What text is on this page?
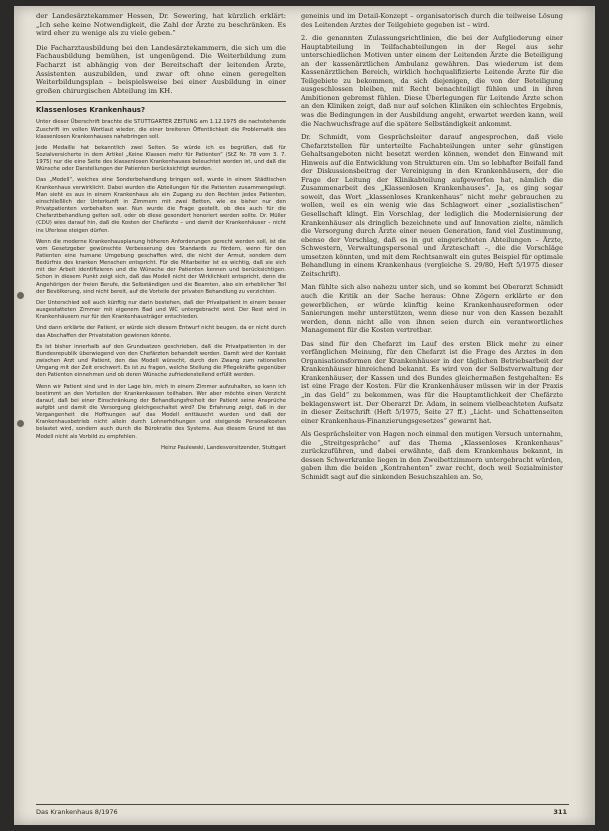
der Landesärztekammer Hessen, Dr. Sewering, hat kürzlich erklärt: „Ich sehe keine Notwendigkeit, die Zahl der Ärzte zu beschränken. Es wird eher zu wenige als zu viele geben.“

Die Facharztausbildung bei den Landesärztekammern, die sich um die Fachausbildung bemühen, ist ungenügend. Die Weiterbildung zum Facharzt ist abhängig von der Bereitschaft der leitenden Ärzte, Assistenten auszubilden, und zwar oft ohne einen geregelten Weiterbildungsplan – beispielsweise bei einer Ausbildung in einer großen chirurgischen Abteilung im KH.

Klassenloses Krankenhaus?

Unter dieser Überschrift brachte die STUTTGARTER ZEITUNG am 1.12.1975 die nachstehende Zuschrift im vollen Wortlaut wieder, die einer breiteren Öffentlichkeit die Problematik des klassenlosen Krankenhauses nahebringen soll.

Jede Medaille hat bekanntlich zwei Seiten. So würde ich es begrüßen, daß für Sozialversicherte in dem Artikel „Keine Klassen mehr für Patienten“ (StZ Nr. 78 vom 3. 7. 1975) nur die eine Seite des klassenlosen Krankenhauses beleuchtet worden ist, und daß die Wünsche oder Darstellungen der Patienten berücksichtigt wurden.

Das „Modell“, welches eine Sonderbehandlung bringen soll, wurde in einem Städtischen Krankenhaus verwirklicht. Dabei wurden die Abteilungen für die Patienten zusammengelegt. Man sieht es aus in einem Krankenhaus als ein Zugang zu den Rechten jedes Patienten, einschließlich der Unterkunft in Zimmern mit zwei Betten, wie es bisher nur den Privatpatienten vorbehalten war. Nun wurde die Frage gestellt, ob dies auch für die Chefarztbehandlung gelten soll, oder ob diese gesondert honoriert werden sollte. Dr. Müller (CDU) wies darauf hin, daß die Kosten der Chefärzte – und damit der Krankenhäuser – nicht ins Uferlose steigen dürfen.

Wenn die moderne Krankenhausplanung höheren Anforderungen gerecht werden soll, ist die vom Gesetzgeber gewünschte Verbesserung des Standards zu fördern, wenn für den Patienten eine humane Umgebung geschaffen wird, die nicht der Armut, sondern dem Bedürfnis des kranken Menschen entspricht. Für die Mitarbeiter ist es wichtig, daß sie sich mit der Arbeit identifizieren und die Wünsche der Patienten kennen und berücksichtigen. Schon in diesem Punkt zeigt sich, daß das Modell nicht der Wirklichkeit entspricht, denn die Angehörigen der freien Berufe, die Selbständigen und die Beamten, also ein erheblicher Teil der Bevölkerung, sind nicht bereit, auf die Vorteile der privaten Behandlung zu verzichten.

Der Unterschied soll auch künftig nur darin bestehen, daß der Privatpatient in einem besser ausgestatteten Zimmer mit eigenem Bad und WC untergebracht wird. Der Rest wird in Krankenhäusern nur für den Krankenhausträger entschieden.

Und dann erklärte der Patient, er würde sich diesem Entwurf nicht beugen, da er nicht durch das Abschaffen der Privatstation gewinnen könnte.

Es ist bisher innerhalb auf den Grundsatzen geschrieben, daß die Privatpatienten in der Bundesrepublik überwiegend von den Chefärzten behandelt werden. Damit wird der Kontakt zwischen Arzt und Patient, den das Modell wünscht, durch den Zwang zum rationellen Umgang mit der Zeit erschwert. Es ist zu fragen, welche Stellung die Pflegekräfte gegenüber den Patienten einnehmen und ob deren Wünsche zufriedenstellend erfüllt werden.

Wenn wir Patient sind und in der Lage bin, mich in einem Zimmer aufzuhalten, so kann ich bestimmt an den Vorteilen der Krankenkassen teilhaben. Wer aber möchte einen Verzicht darauf, daß bei einer Einschränkung der Behandlungsfreiheit der Patient seine Ansprüche aufgibt und damit die Versorgung gleichgeschaltet wird? Die Erfahrung zeigt, daß in der Vergangenheit die Hoffnungen auf das Modell enttäuscht wurden und daß der Krankenhausbetrieb nicht allein durch Lohnerhöhungen und steigende Personalkosten belastet wird, sondern auch durch die Bürokratie des Systems. Aus diesem Grund ist das Modell nicht als Vorbild zu empfehlen.

Heinz Paulewski, Landesvorsitzender, Stuttgart

geneinis und im Detail-Konzept – organisatorisch durch die teilweise Lösung des Leitenden Arztes der Teilgebiete gegeben ist – wird.

2. die genannten Zulassungsrichtlinien, die bei der Aufgliederung einer Hauptabteilung in Teilfachabteilungen in der Regel aus sehr unterschiedlichen Motiven unter einem der Leitenden Ärzte die Beteiligung an der kassenärztlichen Ambulanz gewähren. Das wiederum ist dem Kassenärztlichen Bereich, wirklich hochqualifizierte Leitende Ärzte für die Teilgebiete zu bekommen, da sich diejenigen, die von der Beteiligung ausgeschlossen bleiben, mit Recht benachteiligt fühlen und in ihren Ambitionen gebremst fühlen. Diese Überlegungen für Leitende Ärzte schon an den Kliniken zeigt, daß nur auf solchen Kliniken ein schlechtes Ergebnis, was die Bedingungen in der Ausbildung angeht, erwartet werden kann, weil die Nachwuchsfrage auf die spätere Selbständigkeit ankommt.

Dr. Schmidt, vom Gesprächsleiter darauf angesprochen, daß viele Chefarztstellen für unterteilte Fachabteilungen unter sehr günstigen Gehaltsangeboten nicht besetzt werden können, wendet den Einwand mit Hinweis auf die Entwicklung von Strukturen ein. Um so lebhafter Beifall fand der Diskussionsbeitrag der Vereinigung in den Krankenhäusern, der die Frage der Leitung der Klinikabteilung aufgeworfen hat, nämlich die Zusammenarbeit des „Klassenlosen Krankenhauses“. Ja, es ging sogar soweit, das Wort „klassenloses Krankenhaus“ nicht mehr gebrauchen zu wollen, weil es ein wenig wie das Schlagwort einer „sozialistischen“ Gesellschaft klingt. Ein Vorschlag, der lediglich die Modernisierung der Krankenhäuser als dringlich bezeichnete und auf Innovation zielte, nämlich die Versorgung durch Ärzte einer neuen Generation, fand viel Zustimmung, ebenso der Vorschlag, daß es in gut eingerichteten Abteilungen – Ärzte, Schwestern, Verwaltungspersonal und Ärzteschaft –, die die Vorschläge umsetzen könnten, und mit dem Rechtsanwalt ein gutes Beispiel für optimale Behandlung in einem Krankenhaus (vergleiche S. 29/80, Heft 5/1975 dieser Zeitschrift).

Man fühlte sich also nahezu unter sich, und so kommt bei Oberarzt Schmidt auch die Kritik an der Sache heraus: Ohne Zögern erklärte er den gewerblichen, er würde künftig keine Krankenhausreformen oder Sanierungen mehr unterstützen, wenn diese nur von den Kassen bezahlt werden, denn nicht alle von ihnen seien durch ein verantwortliches Management für die Kosten vertretbar.

Das sind für den Chefarzt im Lauf des ersten Blick mehr zu einer verfänglichen Meinung, für den Chefarzt ist die Frage des Arztes in den Organisationsformen der Krankenhäuser in der täglichen Betriebsarbeit der Krankenhäuser hinreichend bekannt. Es wird von der Selbstverwaltung der Krankenhäuser, der Kassen und des Bundes gleichermaßen festgehalten: Es ist eine Frage der Kosten. Für die Krankenhäuser müssen wir in der Praxis „in das Geld“ zu bekommen, was für die Hauptamtlichkeit der Chefärzte beklagenswert ist. Der Oberarzt Dr. Adam, in seinem vielbeachteten Aufsatz in dieser Zeitschrift (Heft 5/1975, Seite 27 ff.) „Licht- und Schattenseiten einer Krankenhaus-Finanzierungsgesetzes“ gewarnt hat.

Als Gesprächsleiter von Hagen noch einmal den mutigen Versuch unternahm, die „Streitgespräche“ auf das Thema „Klassenloses Krankenhaus“ zurückzuführen, und dabei erwähnte, daß dem Krankenhaus bekannt, in dessen Schwerkranke liegen in den Zweibettzimmern untergebracht würden, gaben ihm die beiden „Kontrahenten“ zwar recht, doch weil Sozialminister Schmidt sagt auf die sinkenden Besuchszahlen an. So,

Das Krankenhaus 8/1976	311
